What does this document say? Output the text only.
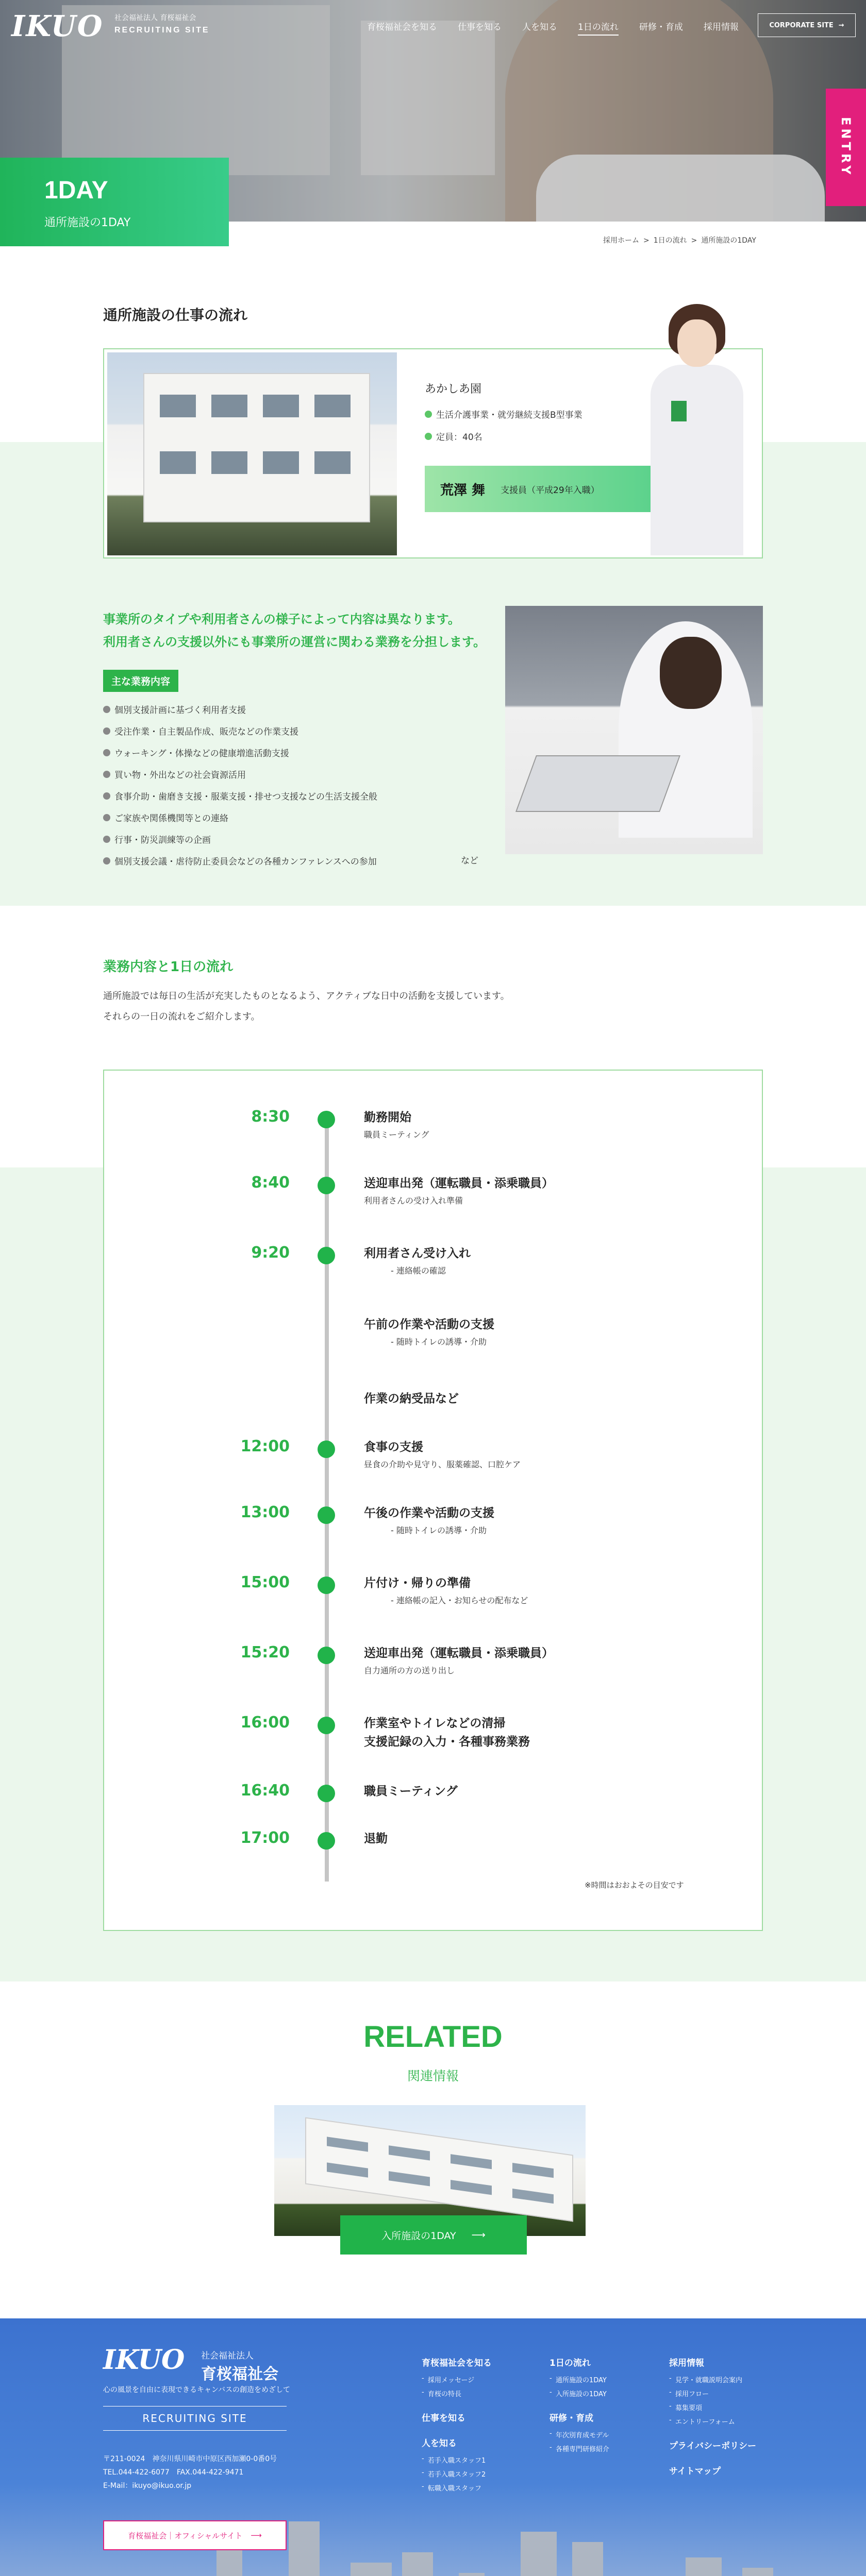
IKUO 社会福祉法人 育桜福祉会
RECRUITING SITE	育桜福祉会を知る 仕事を知る 人を知る 1日の流れ 研修・育成 採用情報	CORPORATE SITE →
ENTRY
1DAY
通所施設の1DAY
採用ホーム > 1日の流れ > 通所施設の1DAY
通所施設の仕事の流れ
あかしあ園
生活介護事業・就労継続支援B型事業
定員：40名
荒澤 舞 支援員（平成29年入職）
事業所のタイプや利用者さんの様子によって内容は異なります。
利用者さんの支援以外にも事業所の運営に関わる業務を分担します。
主な業務内容
個別支援計画に基づく利用者支援
受注作業・自主製品作成、販売などの作業支援
ウォーキング・体操などの健康増進活動支援
買い物・外出などの社会資源活用
食事介助・歯磨き支援・服薬支援・排せつ支援などの生活支援全般
ご家族や関係機関等との連絡
行事・防災訓練等の企画
個別支援会議・虐待防止委員会などの各種カンファレンスへの参加	など
業務内容と1日の流れ
通所施設では毎日の生活が充実したものとなるよう、アクティブな日中の活動を支援しています。
それらの一日の流れをご紹介します。
8:30	勤務開始
職員ミーティング
8:40	送迎車出発（運転職員・添乗職員）
利用者さんの受け入れ準備
9:20	利用者さん受け入れ
- 連絡帳の確認
午前の作業や活動の支援
- 随時トイレの誘導・介助
作業の納受品など
12:00	食事の支援
昼食の介助や見守り、服薬確認、口腔ケア
13:00	午後の作業や活動の支援
- 随時トイレの誘導・介助
15:00	片付け・帰りの準備
- 連絡帳の記入・お知らせの配布など
15:20	送迎車出発（運転職員・添乗職員）
自力通所の方の送り出し
16:00	作業室やトイレなどの清掃
支援記録の入力・各種事務業務
16:40	職員ミーティング
17:00	退勤
※時間はおおよその目安です
RELATED
関連情報
入所施設の1DAY ⟶
IKUO 社会福祉法人
育桜福祉会
心の風景を自由に表現できるキャンバスの創造をめざして
RECRUITING SITE
〒211-0024　神奈川県川崎市中原区西加瀬0-0番0号
TEL.044-422-6077　FAX.044-422-9471
E-Mail：ikuyo@ikuo.or.jp
育桜福祉会｜オフィシャルサイト ⟶
育桜福祉会を知る
- 採用メッセージ
- 育桜の特長
仕事を知る
人を知る
- 若手入職スタッフ1
- 若手入職スタッフ2
- 転職入職スタッフ
1日の流れ
- 通所施設の1DAY
- 入所施設の1DAY
研修・育成
- 年次別育成モデル
- 各種専門研修紹介
採用情報
- 見学・就職説明会案内
- 採用フロー
- 募集要項
- エントリーフォーム
プライバシーポリシー
サイトマップ
